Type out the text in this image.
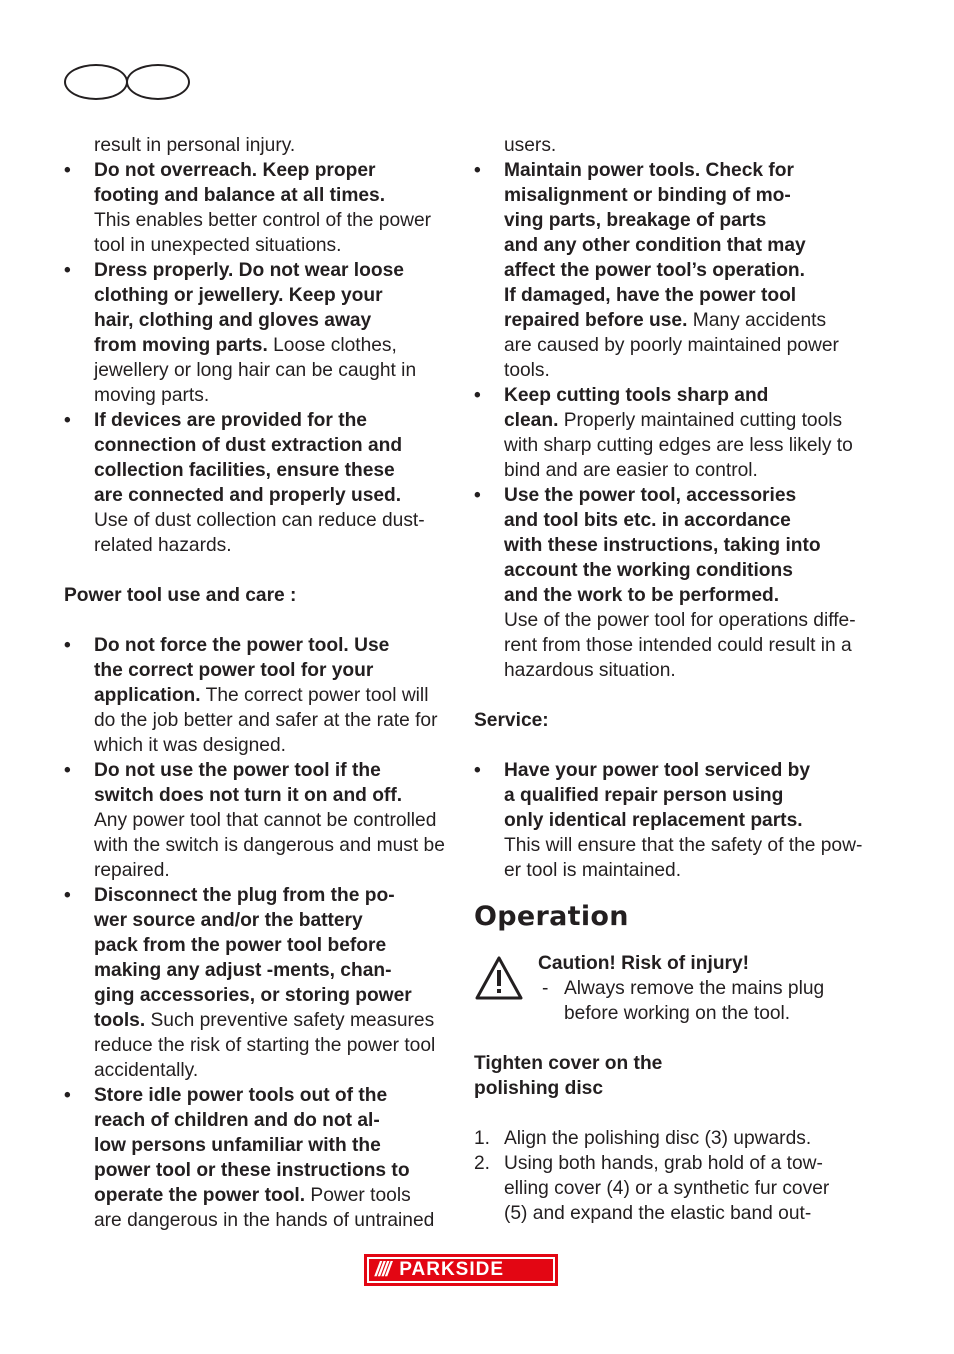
result in personal injury.
• Do not overreach. Keep proper
footing and balance at all times.
This enables better control of the power
tool in unexpected situations.
• Dress properly. Do not wear loose
clothing or jewellery. Keep your
hair, clothing and gloves away
from moving parts. Loose clothes,
jewellery or long hair can be caught in
moving parts.
• If devices are provided for the
connection of dust extraction and
collection facilities, ensure these
are connected and properly used.
Use of dust collection can reduce dust-
related hazards.
Power tool use and care :
• Do not force the power tool. Use
the correct power tool for your
application. The correct power tool will
do the job better and safer at the rate for
which it was designed.
• Do not use the power tool if the
switch does not turn it on and off.
Any power tool that cannot be controlled
with the switch is dangerous and must be
repaired.
• Disconnect the plug from the po-
wer source and/or the battery
pack from the power tool before
making any adjust -ments, chan-
ging accessories, or storing power
tools. Such preventive safety measures
reduce the risk of starting the power tool
accidentally.
• Store idle power tools out of the
reach of children and do not al-
low persons unfamiliar with the
power tool or these instructions to
operate the power tool. Power tools
are dangerous in the hands of untrained
users.
• Maintain power tools. Check for
misalignment or binding of mo-
ving parts, breakage of parts
and any other condition that may
affect the power tool’s operation.
If damaged, have the power tool
repaired before use. Many accidents
are caused by poorly maintained power
tools.
• Keep cutting tools sharp and
clean. Properly maintained cutting tools
with sharp cutting edges are less likely to
bind and are easier to control.
• Use the power tool, accessories
and tool bits etc. in accordance
with these instructions, taking into
account the working conditions
and the work to be performed.
Use of the power tool for operations diffe-
rent from those intended could result in a
hazardous situation.
Service:
• Have your power tool serviced by
a qualified repair person using
only identical replacement parts.
This will ensure that the safety of the pow-
er tool is maintained.
Operation
Caution! Risk of injury!
- Always remove the mains plug
before working on the tool.
Tighten cover on the
polishing disc
1. Align the polishing disc (3) upwards.
2. Using both hands, grab hold of a tow-
elling cover (4) or a synthetic fur cover
(5) and expand the elastic band out-
//// PARKSIDE
